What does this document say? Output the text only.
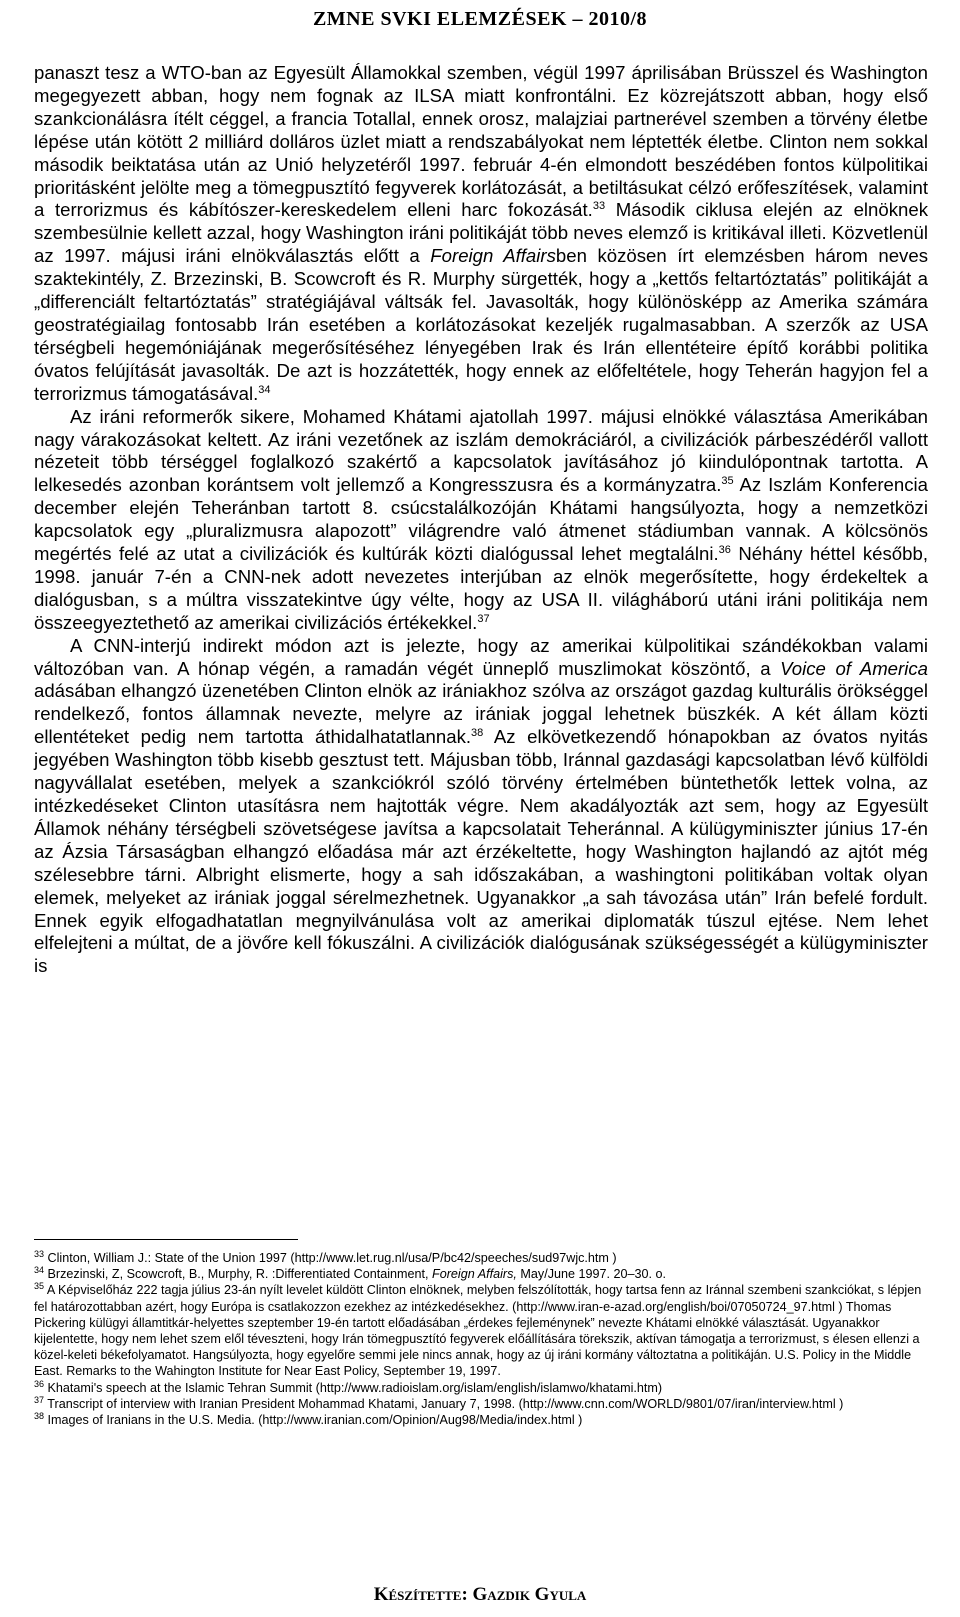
ZMNE SVKI ELEMZÉSEK – 2010/8

panaszt tesz a WTO-ban az Egyesült Államokkal szemben, végül 1997 áprilisában Brüsszel és Washington megegyezett abban, hogy nem fognak az ILSA miatt konfrontálni. Ez közrejátszott abban, hogy első szankcionálásra ítélt céggel, a francia Totallal, ennek orosz, malajziai partnerével szemben a törvény életbe lépése után kötött 2 milliárd dolláros üzlet miatt a rendszabályokat nem léptették életbe. Clinton nem sokkal második beiktatása után az Unió helyzetéről 1997. február 4-én elmondott beszédében fontos külpolitikai prioritásként jelölte meg a tömegpusztító fegyverek korlátozását, a betiltásukat célzó erőfeszítések, valamint a terrorizmus és kábítószer-kereskedelem elleni harc fokozását.$^{33}$ Második ciklusa elején az elnöknek szembesülnie kellett azzal, hogy Washington iráni politikáját több neves elemző is kritikával illeti. Közvetlenül az 1997. májusi iráni elnökválasztás előtt a Foreign Affairsben közösen írt elemzésben három neves szaktekintély, Z. Brzezinski, B. Scowcroft és R. Murphy sürgették, hogy a „kettős feltartóztatás” politikáját a „differenciált feltartóztatás” stratégiájával váltsák fel. Javasolták, hogy különösképp az Amerika számára geostratégiailag fontosabb Irán esetében a korlátozásokat kezeljék rugalmasabban. A szerzők az USA térségbeli hegemóniájának megerősítéséhez lényegében Irak és Irán ellentéteire építő korábbi politika óvatos felújítását javasolták. De azt is hozzátették, hogy ennek az előfeltétele, hogy Teherán hagyjon fel a terrorizmus támogatásával.$^{34}$

Az iráni reformerők sikere, Mohamed Khátami ajatollah 1997. májusi elnökké választása Amerikában nagy várakozásokat keltett. Az iráni vezetőnek az iszlám demokráciáról, a civilizációk párbeszédéről vallott nézeteit több térséggel foglalkozó szakértő a kapcsolatok javításához jó kiindulópontnak tartotta. A lelkesedés azonban korántsem volt jellemző a Kongresszusra és a kormányzatra.$^{35}$ Az Iszlám Konferencia december elején Teheránban tartott 8. csúcstalálkozóján Khátami hangsúlyozta, hogy a nemzetközi kapcsolatok egy „pluralizmusra alapozott” világrendre való átmenet stádiumban vannak. A kölcsönös megértés felé az utat a civilizációk és kultúrák közti dialógussal lehet megtalálni.$^{36}$ Néhány héttel később, 1998. január 7-én a CNN-nek adott nevezetes interjúban az elnök megerősítette, hogy érdekeltek a dialógusban, s a múltra visszatekintve úgy vélte, hogy az USA II. világháború utáni iráni politikája nem összeegyeztethető az amerikai civilizációs értékekkel.$^{37}$

A CNN-interjú indirekt módon azt is jelezte, hogy az amerikai külpolitikai szándékokban valami változóban van. A hónap végén, a ramadán végét ünneplő muszlimokat köszöntő, a Voice of America adásában elhangzó üzenetében Clinton elnök az irániakhoz szólva az országot gazdag kulturális örökséggel rendelkező, fontos államnak nevezte, melyre az irániak joggal lehetnek büszkék. A két állam közti ellentéteket pedig nem tartotta áthidalhatatlannak.$^{38}$ Az elkövetkezendő hónapokban az óvatos nyitás jegyében Washington több kisebb gesztust tett. Májusban több, Iránnal gazdasági kapcsolatban lévő külföldi nagyvállalat esetében, melyek a szankciókról szóló törvény értelmében büntethetők lettek volna, az intézkedéseket Clinton utasításra nem hajtották végre. Nem akadályozták azt sem, hogy az Egyesült Államok néhány térségbeli szövetségese javítsa a kapcsolatait Teheránnal. A külügyminiszter június 17-én az Ázsia Társaságban elhangzó előadása már azt érzékeltette, hogy Washington hajlandó az ajtót még szélesebbre tárni. Albright elismerte, hogy a sah időszakában, a washingtoni politikában voltak olyan elemek, melyeket az irániak joggal sérelmezhetnek. Ugyanakkor „a sah távozása után” Irán befelé fordult. Ennek egyik elfogadhatatlan megnyilvánulása volt az amerikai diplomaták túszul ejtése. Nem lehet elfelejteni a múltat, de a jövőre kell fókuszálni. A civilizációk dialógusának szükségességét a külügyminiszter is

$^{33}$ Clinton, William J.: State of the Union 1997 (http://www.let.rug.nl/usa/P/bc42/speeches/sud97wjc.htm )

$^{34}$ Brzezinski, Z, Scowcroft, B., Murphy, R. :Differentiated Containment, Foreign Affairs, May/June 1997. 20–30. o.

$^{35}$ A Képviselőház 222 tagja július 23-án nyílt levelet küldött Clinton elnöknek, melyben felszólították, hogy tartsa fenn az Iránnal szembeni szankciókat, s lépjen fel határozottabban azért, hogy Európa is csatlakozzon ezekhez az intézkedésekhez. (http://www.iran-e-azad.org/english/boi/07050724_97.html ) Thomas Pickering külügyi államtitkár-helyettes szeptember 19-én tartott előadásában „érdekes fejleménynek” nevezte Khátami elnökké választását. Ugyanakkor kijelentette, hogy nem lehet szem elől téveszteni, hogy Irán tömegpusztító fegyverek előállítására törekszik, aktívan támogatja a terrorizmust, s élesen ellenzi a közel-keleti békefolyamatot. Hangsúlyozta, hogy egyelőre semmi jele nincs annak, hogy az új iráni kormány változtatna a politikáján. U.S. Policy in the Middle East. Remarks to the Wahington Institute for Near East Policy, September 19, 1997.

$^{36}$ Khatami's speech at the Islamic Tehran Summit (http://www.radioislam.org/islam/english/islamwo/khatami.htm)

$^{37}$ Transcript of interview with Iranian President Mohammad Khatami, January 7, 1998. (http://www.cnn.com/WORLD/9801/07/iran/interview.html )

$^{38}$ Images of Iranians in the U.S. Media. (http://www.iranian.com/Opinion/Aug98/Media/index.html )

Készítette: Gazdik Gyula
